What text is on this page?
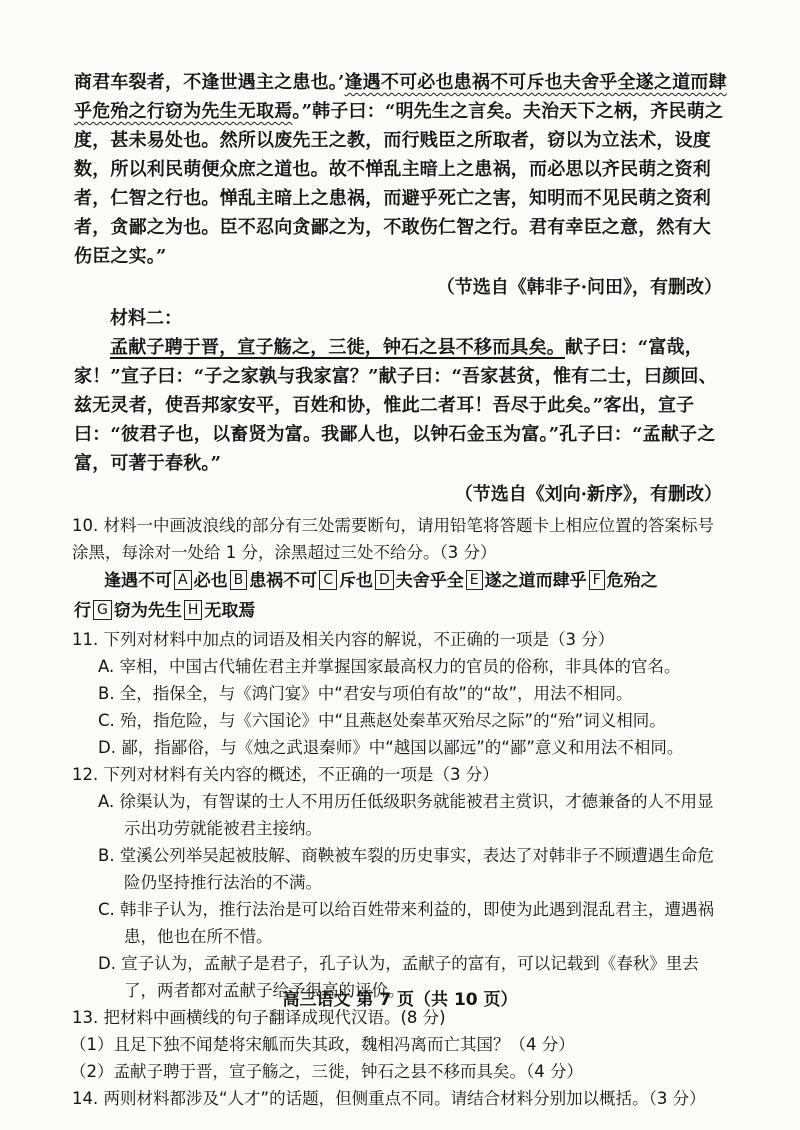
商君车裂者，不逢世遇主之患也。’逢遇不可必也患祸不可斥也夫舍乎全遂之道而肆乎危殆之行窃为先生无取焉。”韩子曰：“明先生之言矣。夫治天下之柄，齐民萌之度，甚未易处也。然所以废先王之教，而行贱臣之所取者，窃以为立法术，设度数，所以利民萌便众庶之道也。故不惮乱主暗上之患祸，而必思以齐民萌之资利者，仁智之行也。惮乱主暗上之患祸，而避乎死亡之害，知明而不见民萌之资利者，贪鄙之为也。臣不忍向贪鄙之为，不敢伤仁智之行。君有幸臣之意，然有大伤臣之实。”

（节选自《韩非子·问田》，有删改）

材料二：

孟献子聘于晋，宣子觞之，三徙，钟石之县不移而具矣。献子曰：“富哉，家！”宣子曰：“子之家孰与我家富？”献子曰：“吾家甚贫，惟有二士，曰颜回、兹无灵者，使吾邦家安平，百姓和协，惟此二者耳！吾尽于此矣。”客出，宣子曰：“彼君子也，以畜贤为富。我鄙人也，以钟石金玉为富。”孔子曰：“孟献子之富，可著于春秋。”

（节选自《刘向·新序》，有删改）

10. 材料一中画波浪线的部分有三处需要断句，请用铅笔将答题卡上相应位置的答案标号涂黑，每涂对一处给 1 分，涂黑超过三处不给分。（3 分）

逢遇不可 A 必也 B 患祸不可 C 斥也 D 夫舍乎全 E 遂之道而肆乎 F 危殆之

行 G 窃为先生 H 无取焉

11. 下列对材料中加点的词语及相关内容的解说，不正确的一项是（3 分）

A. 宰相，中国古代辅佐君主并掌握国家最高权力的官员的俗称，非具体的官名。

B. 全，指保全，与《鸿门宴》中“君安与项伯有故”的“故”，用法不相同。

C. 殆，指危险，与《六国论》中“且燕赵处秦革灭殆尽之际”的“殆”词义相同。

D. 鄙，指鄙俗，与《烛之武退秦师》中“越国以鄙远”的“鄙”意义和用法不相同。

12. 下列对材料有关内容的概述，不正确的一项是（3 分）

A. 徐渠认为，有智谋的士人不用历任低级职务就能被君主赏识，才德兼备的人不用显示出功劳就能被君主接纳。

B. 堂溪公列举吴起被肢解、商鞅被车裂的历史事实，表达了对韩非子不顾遭遇生命危险仍坚持推行法治的不满。

C. 韩非子认为，推行法治是可以给百姓带来利益的，即使为此遇到混乱君主，遭遇祸患，他也在所不惜。

D. 宣子认为，孟献子是君子，孔子认为，孟献子的富有，可以记载到《春秋》里去了，两者都对孟献子给予很高的评价。

13. 把材料中画横线的句子翻译成现代汉语。(8 分)

（1）且足下独不闻楚将宋觚而失其政，魏相冯离而亡其国？（4 分）

（2）孟献子聘于晋，宣子觞之，三徙，钟石之县不移而具矣。（4 分）

14. 两则材料都涉及“人才”的话题，但侧重点不同。请结合材料分别加以概括。（3 分）

高三语文 第 7 页（共 10 页）
